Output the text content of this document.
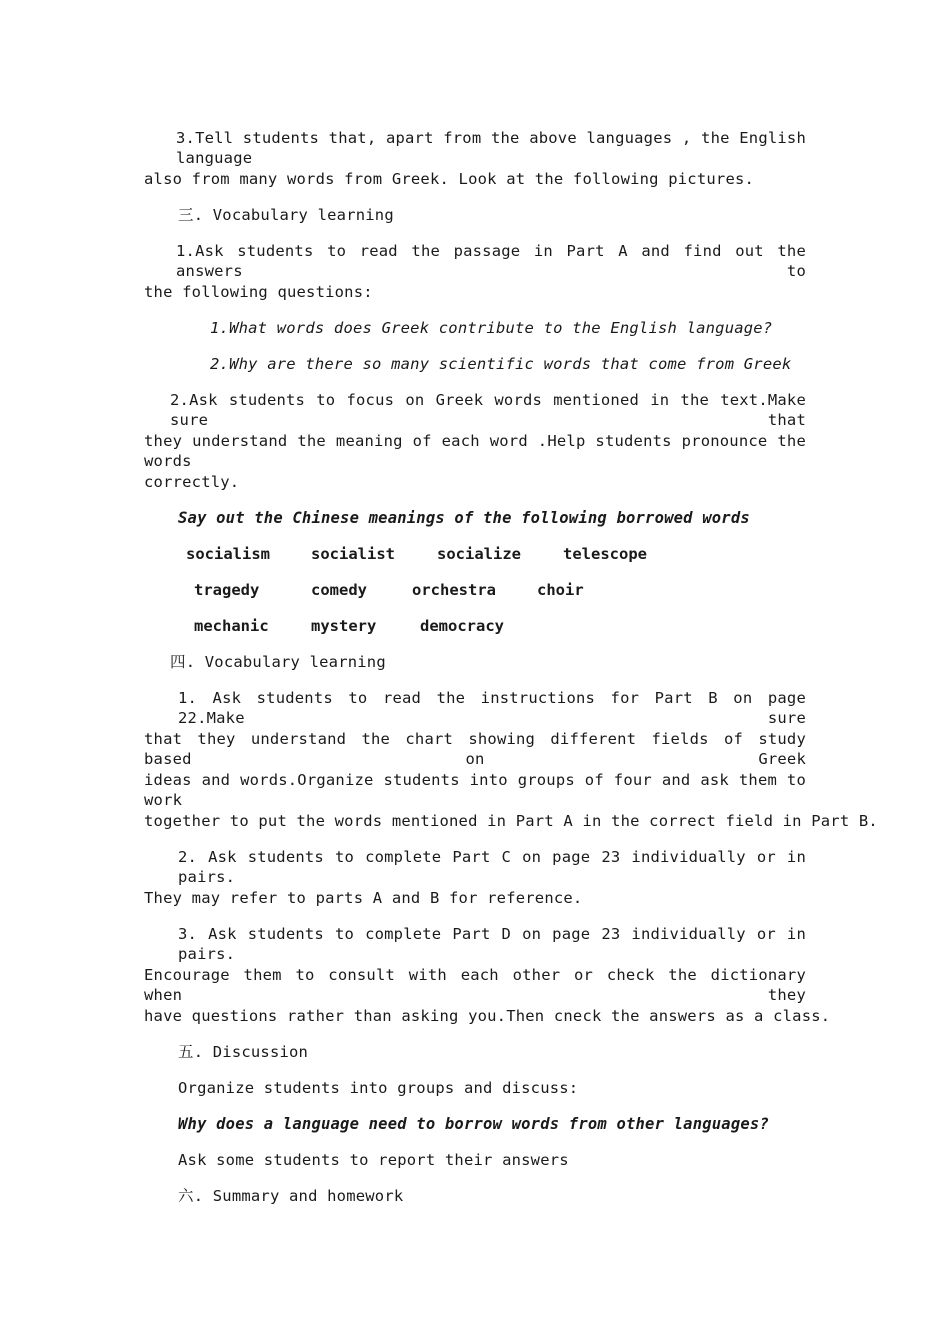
3.Tell students that, apart from the above languages , the English language
also from many words from Greek. Look at the following pictures.
三. Vocabulary learning
1.Ask students to read the passage in Part A and find out the answers to
the following questions:
1.What words does Greek contribute to the English language?
2.Why are there so many scientific words that come from Greek
2.Ask students to focus on Greek words mentioned in the text.Make sure that
they understand the meaning of each word .Help students pronounce the words
correctly.
Say out the Chinese meanings of the following borrowed words
socialism	socialist	socialize	telescope
tragedy	comedy	orchestra	choir
mechanic	mystery	democracy
四. Vocabulary learning
1. Ask students to read the instructions for Part B on page 22.Make sure
that they understand the chart showing different fields of study based on Greek
ideas and words.Organize students into groups of four and ask them to work
together to put the words mentioned in Part A in the correct field in Part B.
2. Ask students to complete Part C on page 23 individually or in pairs.
They may refer to parts A and B for reference.
3. Ask students to complete Part D on page 23 individually or in pairs.
Encourage them to consult with each other or check the dictionary when they
have questions rather than asking you.Then cneck the answers as a class.
五. Discussion
Organize students into groups and discuss:
Why does a language need to borrow words from other languages?
Ask some students to report their answers
六. Summary and homework
